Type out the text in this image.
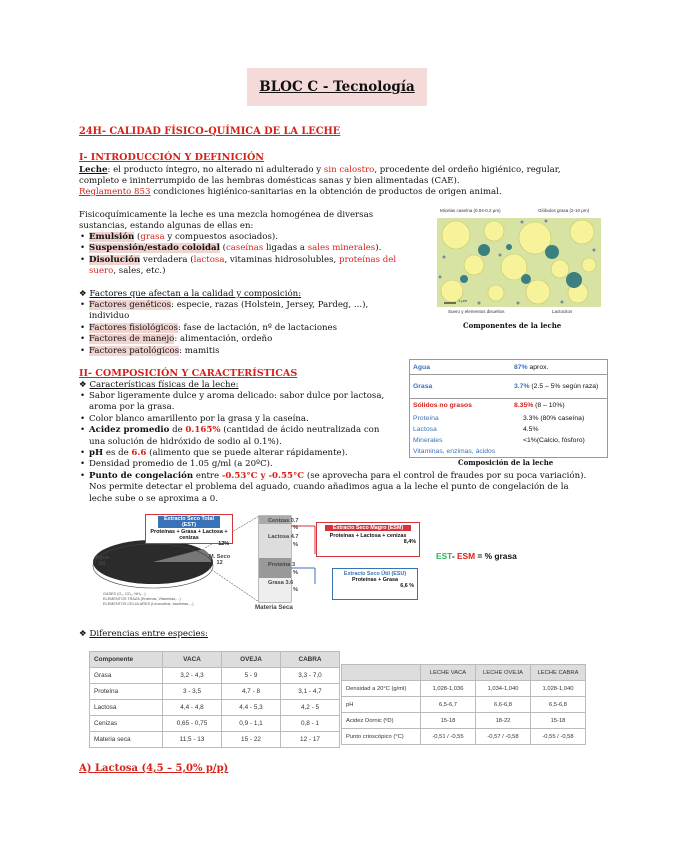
BLOC C - Tecnología
24H- CALIDAD FÍSICO-QUÍMICA DE LA LECHE
I- INTRODUCCIÓN Y DEFINICIÓN
Leche: el producto íntegro, no alterado ni adulterado y sin calostro, procedente del ordeño higiénico, regular,
completo e ininterrumpido de las hembras domésticas sanas y bien alimentadas (CAE).
Reglamento 853 condiciones higiénico-sanitarias en la obtención de productos de origen animal.
Fisicoquímicamente la leche es una mezcla homogénea de diversas
sustancias, estando algunas de ellas en:
• Emulsión (grasa y compuestos asociados).
• Suspensión/estado coloidal (caseínas ligadas a sales minerales).
• Disolución verdadera (lactosa, vitaminas hidrosolubles, proteínas del
suero, sales, etc.)
Micelas caseína (0.04-0.2 μm)	Glóbulos grasa (2-10 μm)
1 μm
Suero y elementos disueltos	Lactocitos
Componentes de la leche
❖ Factores que afectan a la calidad y composición:
• Factores genéticos: especie, razas (Holstein, Jersey, Pardeg, ...),
individuo
• Factores fisiológicos: fase de lactación, nº de lactaciones
• Factores de manejo: alimentación, ordeño
• Factores patológicos: mamitis
II- COMPOSICIÓN Y CARACTERÍSTICAS
❖ Características físicas de la leche:
• Sabor ligeramente dulce y aroma delicado: sabor dulce por lactosa,
aroma por la grasa.
• Color blanco amarillento por la grasa y la caseína.
• Acidez promedio de 0.165% (cantidad de ácido neutralizada con
una solución de hidróxido de sodio al 0.1%).
• pH es de 6.6 (alimento que se puede alterar rápidamente).
• Densidad promedio de 1.05 g/ml (a 20ºC).
• Punto de congelación entre -0.53°C y -0.55°C (se aprovecha para el control de fraudes por su poca variación).
Nos permite detectar el problema del aguado, cuando añadimos agua a la leche el punto de congelación de la
leche sube o se aproxima a 0.
Agua	87% aprox.
Grasa	3.7% (2.5 – 5% según raza)
Sólidos no grasos	8.35% (8 – 10%)
Proteína	3.3% (80% caseína)
Lactosa	4.5%
Minerales	<1%(Calcio, fósforo)
Vitaminas, enzimas, ácidos	
Composición de la leche
Extracto Seco Total (EST)
Proteínas + Grasa + Lactosa + cenizas
12%
Extracto Seco Magro (ESM)
Proteínas + Lactosa + cenizas
8,4%
Extracto Seco Útil (ESU)
Proteínas + Grasa
6,6 %
Agua
88
M. Seco
12
Cenizas 0.7
Lactosa 4.7
Proteína 3
Grasa 3.6
%
%
%
%
Materia Seca
GASES (O₂, CO₂, NH₃...)
ELEMENTOS TRAZA (Enzimas, Vitaminas,...)
ELEMENTOS CELULARES (Leucocitos, bacterias,...)
EST- ESM = % grasa
❖ Diferencias entre especies:
Componente	VACA	OVEJA	CABRA
Grasa	3,2 - 4,3	5 - 9	3,3 - 7,0
Proteína	3 - 3,5	4,7 - 8	3,1 - 4,7
Lactosa	4,4 - 4,8	4,4 - 5,3	4,2 - 5
Cenizas	0,65 - 0,75	0,9 - 1,1	0,8 - 1
Materia seca	11,5 - 13	15 - 22	12 - 17
	LECHE VACA	LECHE OVEJA	LECHE CABRA
Densidad a 20°C (g/ml)	1,028-1,036	1,034-1,040	1,028-1,040
pH	6,5-6,7	6,6-6,8	6,5-6,8
Acidez Dornic (ºD)	15-18	18-22	15-18
Punto crioscópico (°C)	-0,51 / -0,55	-0,57 / -0,58	-0,55 / -0,58
A) Lactosa (4,5 – 5,0% p/p)
